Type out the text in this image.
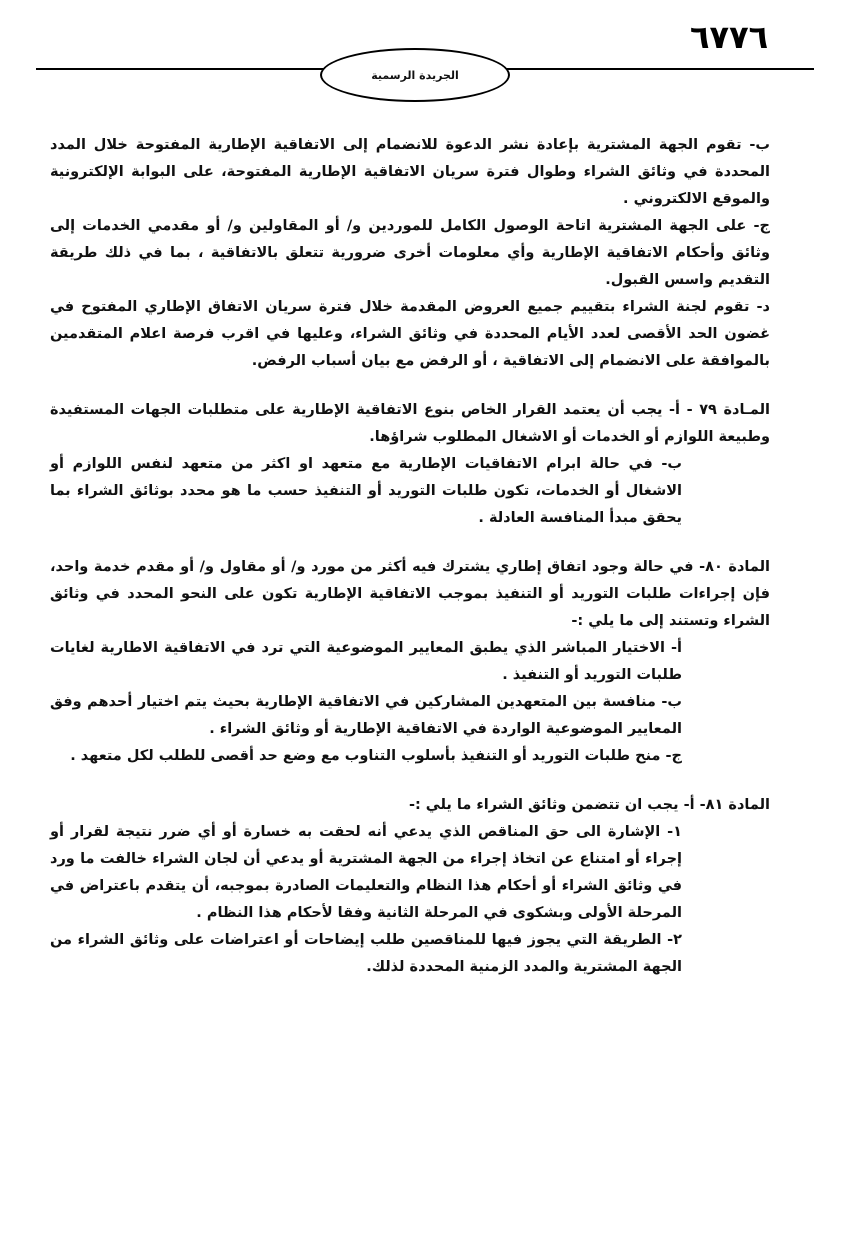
٦٧٧٦
الجريدة الرسمية

ب- تقوم الجهة المشترية بإعادة نشر الدعوة للانضمام إلى الاتفاقية الإطارية المفتوحة خلال المدد المحددة في وثائق الشراء وطوال فترة سريان الاتفاقية الإطارية المفتوحة، على البوابة الإلكترونية والموقع الالكتروني .

ج- على الجهة المشترية اتاحة الوصول الكامل للموردين و/ أو المقاولين و/ أو مقدمي الخدمات إلى وثائق وأحكام الاتفاقية الإطارية وأي معلومات أخرى ضرورية تتعلق بالاتفاقية ، بما في ذلك طريقة التقديم واسس القبول.

د- تقوم لجنة الشراء بتقييم جميع العروض المقدمة خلال فترة سريان الاتفاق الإطاري المفتوح في غضون الحد الأقصى لعدد الأيام المحددة في وثائق الشراء، وعليها في اقرب فرصة اعلام المتقدمين بالموافقة على الانضمام إلى الاتفاقية ، أو الرفض مع بيان أسباب الرفض.

المـادة ٧٩ - أ- يجب أن يعتمد القرار الخاص بنوع الاتفاقية الإطارية على متطلبات الجهات المستفيدة وطبيعة اللوازم أو الخدمات أو الاشغال المطلوب شراؤها.

ب- في حالة ابرام الاتفاقيات الإطارية مع متعهد او اكثر من متعهد لنفس اللوازم أو الاشغال أو الخدمات، تكون طلبات التوريد أو التنفيذ حسب ما هو محدد بوثائق الشراء بما يحقق مبدأ المنافسة العادلة .

المادة ٨٠- في حالة وجود اتفاق إطاري يشترك فيه أكثر من مورد و/ أو مقاول و/ أو مقدم خدمة واحد، فإن إجراءات طلبات التوريد أو التنفيذ بموجب الاتفاقية الإطارية تكون على النحو المحدد في وثائق الشراء وتستند إلى ما يلي :-

أ- الاختيار المباشر الذي يطبق المعايير الموضوعية التي ترد في الاتفاقية الاطارية لغايات طلبات التوريد أو التنفيذ .

ب- منافسة بين المتعهدين المشاركين في الاتفاقية الإطارية بحيث يتم اختيار أحدهم وفق المعايير الموضوعية الواردة في الاتفاقية الإطارية أو وثائق الشراء .

ج- منح طلبات التوريد أو التنفيذ بأسلوب التناوب مع وضع حد أقصى للطلب لكل متعهد .

المادة ٨١- أ- يجب ان تتضمن وثائق الشراء ما يلي :-

١- الإشارة الى حق المناقص الذي يدعي أنه لحقت به خسارة أو أي ضرر نتيجة لقرار أو إجراء أو امتناع عن اتخاذ إجراء من الجهة المشترية أو يدعي أن لجان الشراء خالفت ما ورد في وثائق الشراء أو أحكام هذا النظام والتعليمات الصادرة بموجبه، أن يتقدم باعتراض في المرحلة الأولى وبشكوى في المرحلة الثانية وفقا لأحكام هذا النظام .

٢- الطريقة التي يجوز فيها للمناقصين طلب إيضاحات أو اعتراضات على وثائق الشراء من الجهة المشترية والمدد الزمنية المحددة لذلك.
